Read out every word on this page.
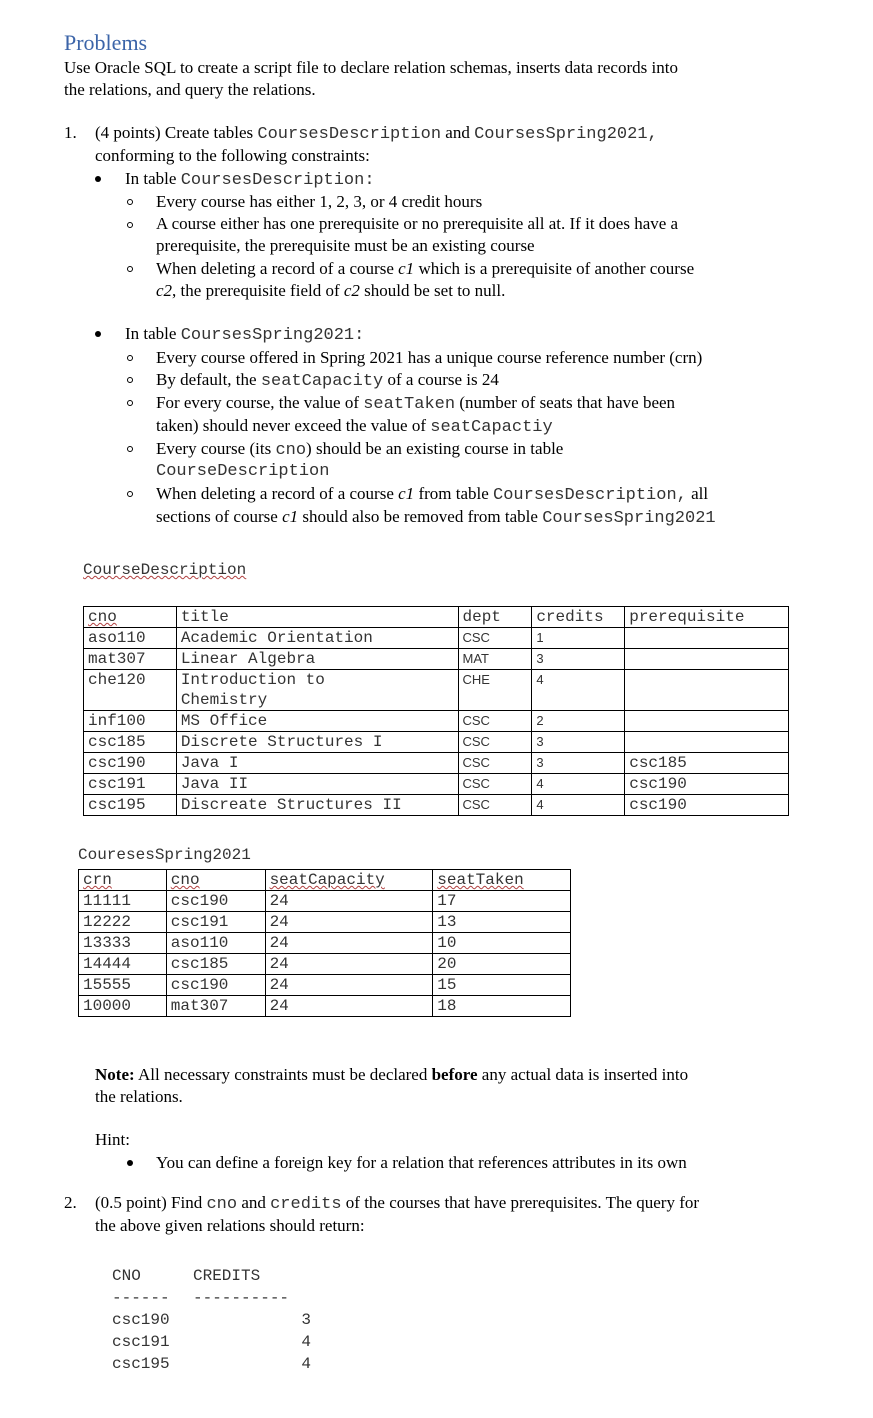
Problems
Use Oracle SQL to create a script file to declare relation schemas, inserts data records into
the relations, and query the relations.
1. (4 points) Create tables CoursesDescription and CoursesSpring2021,
conforming to the following constraints:
In table CoursesDescription:
Every course has either 1, 2, 3, or 4 credit hours
A course either has one prerequisite or no prerequisite all at. If it does have a
prerequisite, the prerequisite must be an existing course
When deleting a record of a course c1 which is a prerequisite of another course
c2, the prerequisite field of c2 should be set to null.
In table CoursesSpring2021:
Every course offered in Spring 2021 has a unique course reference number (crn)
By default, the seatCapacity of a course is 24
For every course, the value of seatTaken (number of seats that have been
taken) should never exceed the value of seatCapactiy
Every course (its cno) should be an existing course in table
CourseDescription
When deleting a record of a course c1 from table CoursesDescription, all
sections of course c1 should also be removed from table CoursesSpring2021
CourseDescription
cno	title	dept	credits	prerequisite
aso110	Academic Orientation	CSC	1	
mat307	Linear Algebra	MAT	3	
che120	Introduction to
Chemistry	CHE	4	
inf100	MS Office	CSC	2	
csc185	Discrete Structures I	CSC	3	
csc190	Java I	CSC	3	csc185
csc191	Java II	CSC	4	csc190
csc195	Discreate Structures II	CSC	4	csc190
CouresesSpring2021
crn	cno	seatCapacity	seatTaken
11111	csc190	24	17
12222	csc191	24	13
13333	aso110	24	10
14444	csc185	24	20
15555	csc190	24	15
10000	mat307	24	18
Note: All necessary constraints must be declared before any actual data is inserted into
the relations.
Hint:
You can define a foreign key for a relation that references attributes in its own
2. (0.5 point) Find cno and credits of the courses that have prerequisites. The query for
the above given relations should return:
CNO	CREDITS
------ ----------
csc190	3
csc191	4
csc195	4
